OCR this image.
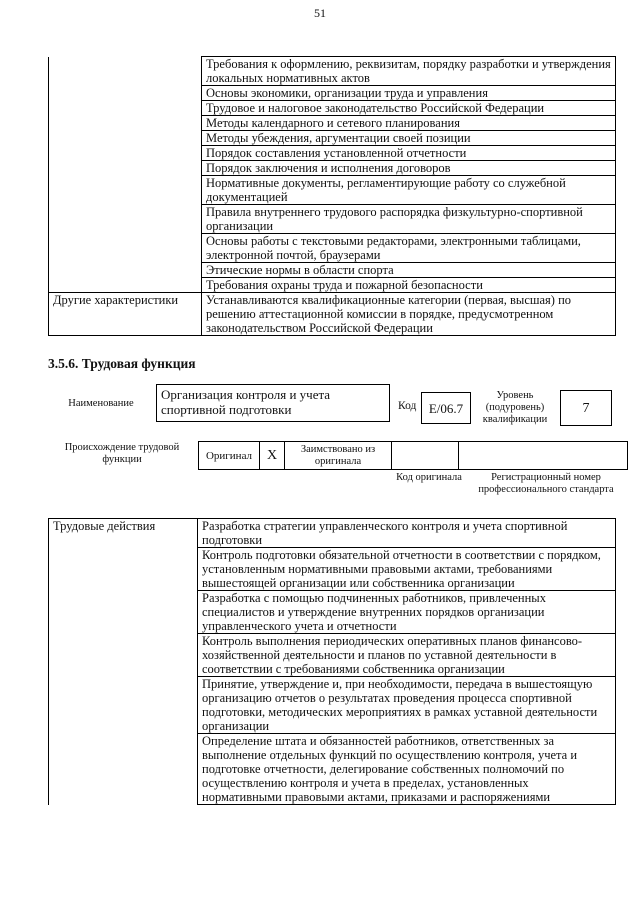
51
	Требования к оформлению, реквизитам, порядку разработки и утверждения локальных нормативных актов
	Основы экономики, организации труда и управления
	Трудовое и налоговое законодательство Российской Федерации
	Методы календарного и сетевого планирования
	Методы убеждения, аргументации своей позиции
	Порядок составления установленной отчетности
	Порядок заключения и исполнения договоров
	Нормативные документы, регламентирующие работу со служебной документацией
	Правила внутреннего трудового распорядка физкультурно-спортивной организации
	Основы работы с текстовыми редакторами, электронными таблицами, электронной почтой, браузерами
	Этические нормы в области спорта
	Требования охраны труда и пожарной безопасности
Другие характеристики	Устанавливаются квалификационные категории (первая, высшая) по решению аттестационной комиссии в порядке, предусмотренном законодательством Российской Федерации
3.5.6. Трудовая функция
Наименование
Организация контроля и учета спортивной подготовки	Код E/06.7
Уровень (подуровень) квалификации
7
Происхождение трудовой функции	Оригинал	X	Заимствовано из оригинала		
Код оригинала	Регистрационный номер профессионального стандарта
Трудовые действия	Разработка стратегии управленческого контроля и учета спортивной подготовки
	Контроль подготовки обязательной отчетности в соответствии с порядком, установленным нормативными правовыми актами, требованиями вышестоящей организации или собственника организации
	Разработка с помощью подчиненных работников, привлеченных специалистов и утверждение внутренних порядков организации управленческого учета и отчетности
	Контроль выполнения периодических оперативных планов финансово-хозяйственной деятельности и планов по уставной деятельности в соответствии с требованиями собственника организации
	Принятие, утверждение и, при необходимости, передача в вышестоящую организацию отчетов о результатах проведения процесса спортивной подготовки, методических мероприятиях в рамках уставной деятельности организации
	Определение штата и обязанностей работников, ответственных за выполнение отдельных функций по осуществлению контроля, учета и подготовке отчетности, делегирование собственных полномочий по осуществлению контроля и учета в пределах, установленных нормативными правовыми актами, приказами и распоряжениями
